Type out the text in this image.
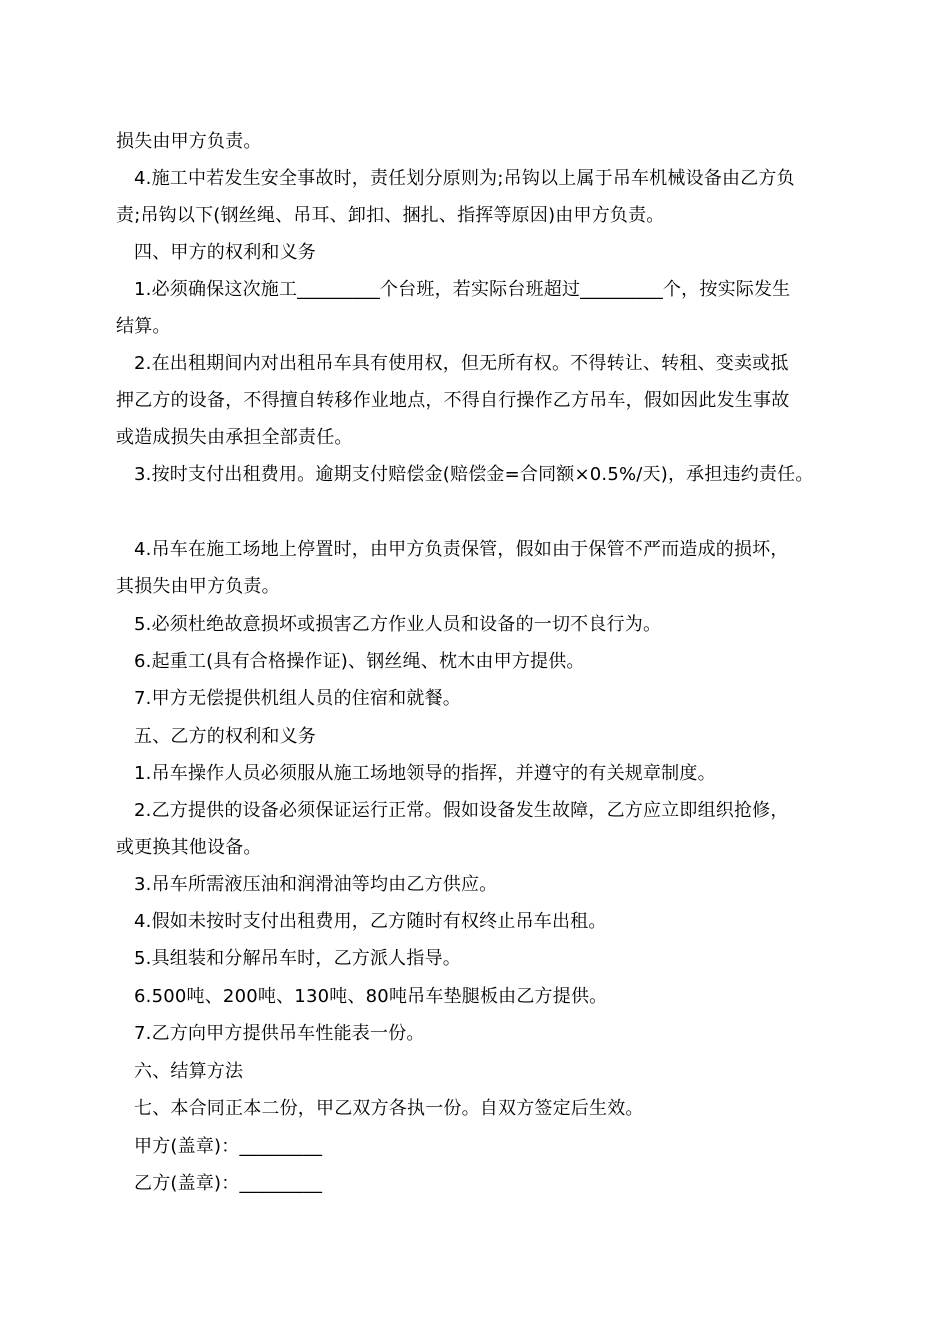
损失由甲方负责。
4.施工中若发生安全事故时，责任划分原则为;吊钩以上属于吊车机械设备由乙方负
责;吊钩以下(钢丝绳、吊耳、卸扣、捆扎、指挥等原因)由甲方负责。
四、甲方的权利和义务
1.必须确保这次施工_________个台班，若实际台班超过_________个，按实际发生
结算。
2.在出租期间内对出租吊车具有使用权，但无所有权。不得转让、转租、变卖或抵
押乙方的设备，不得擅自转移作业地点，不得自行操作乙方吊车，假如因此发生事故
或造成损失由承担全部责任。
3.按时支付出租费用。逾期支付赔偿金(赔偿金=合同额×0.5%/天)，承担违约责任。
4.吊车在施工场地上停置时，由甲方负责保管，假如由于保管不严而造成的损坏，
其损失由甲方负责。
5.必须杜绝故意损坏或损害乙方作业人员和设备的一切不良行为。
6.起重工(具有合格操作证)、钢丝绳、枕木由甲方提供。
7.甲方无偿提供机组人员的住宿和就餐。
五、乙方的权利和义务
1.吊车操作人员必须服从施工场地领导的指挥，并遵守的有关规章制度。
2.乙方提供的设备必须保证运行正常。假如设备发生故障，乙方应立即组织抢修，
或更换其他设备。
3.吊车所需液压油和润滑油等均由乙方供应。
4.假如未按时支付出租费用，乙方随时有权终止吊车出租。
5.具组装和分解吊车时，乙方派人指导。
6.500吨、200吨、130吨、80吨吊车垫腿板由乙方提供。
7.乙方向甲方提供吊车性能表一份。
六、结算方法
七、本合同正本二份，甲乙双方各执一份。自双方签定后生效。
甲方(盖章)：_________
乙方(盖章)：_________
